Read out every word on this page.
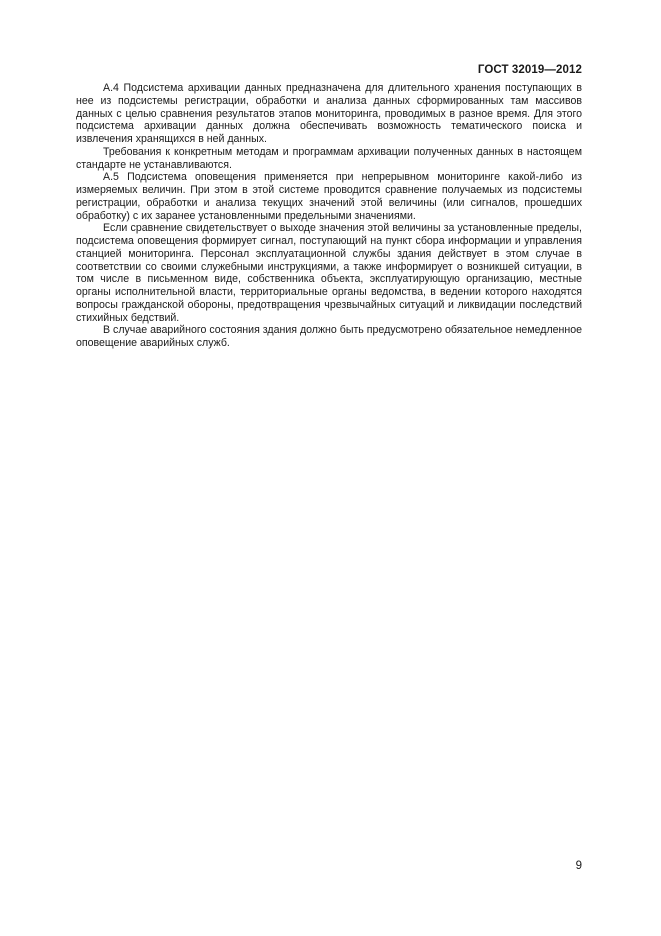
ГОСТ 32019—2012

А.4 Подсистема архивации данных предназначена для длительного хранения поступающих в нее из подсистемы регистрации, обработки и анализа данных сформированных там массивов данных с целью сравнения результатов этапов мониторинга, проводимых в разное время. Для этого подсистема архивации данных должна обеспечивать возможность тематического поиска и извлечения хранящихся в ней данных.

Требования к конкретным методам и программам архивации полученных данных в настоящем стандарте не устанавливаются.

А.5 Подсистема оповещения применяется при непрерывном мониторинге какой-либо из измеряемых величин. При этом в этой системе проводится сравнение получаемых из подсистемы регистрации, обработки и анализа текущих значений этой величины (или сигналов, прошедших обработку) с их заранее установленными предельными значениями.

Если сравнение свидетельствует о выходе значения этой величины за установленные пределы, подсистема оповещения формирует сигнал, поступающий на пункт сбора информации и управления станцией мониторинга. Персонал эксплуатационной службы здания действует в этом случае в соответствии со своими служебными инструкциями, а также информирует о возникшей ситуации, в том числе в письменном виде, собственника объекта, эксплуатирующую организацию, местные органы исполнительной власти, территориальные органы ведомства, в ведении которого находятся вопросы гражданской обороны, предотвращения чрезвычайных ситуаций и ликвидации последствий стихийных бедствий.

В случае аварийного состояния здания должно быть предусмотрено обязательное немедленное оповещение аварийных служб.

9
